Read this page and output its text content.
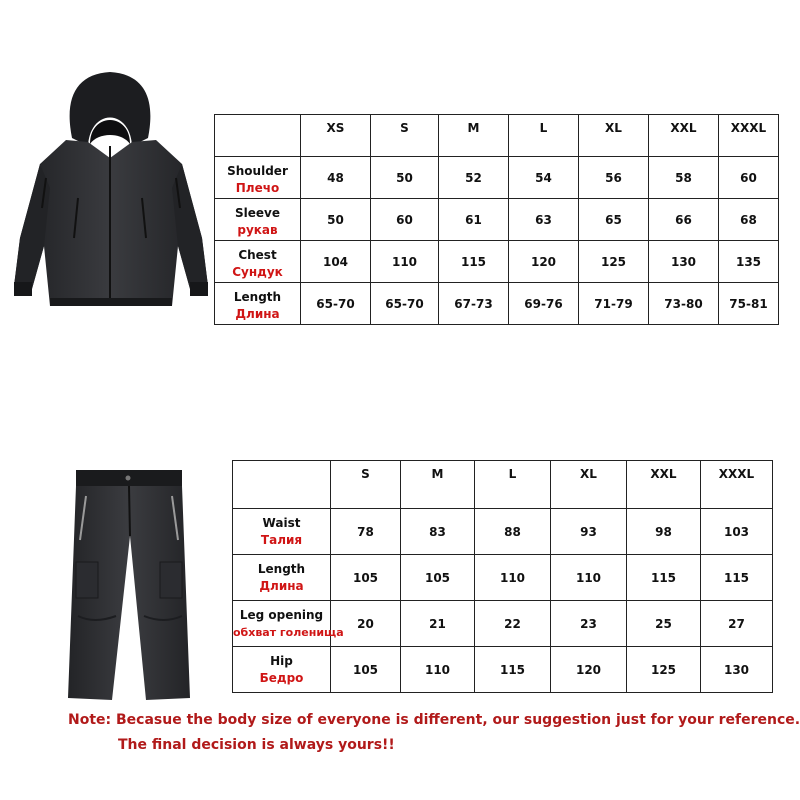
	XS	S	M	L	XL	XXL	XXXL

Shoulder
Плечо	48	50	52	54	56	58	60

Sleeve
рукав	50	60	61	63	65	66	68

Chest
Сундук	104	110	115	120	125	130	135

Length
Длина	65-70	65-70	67-73	69-76	71-79	73-80	75-81
	S	M	L	XL	XXL	XXXL

Waist
Талия	78	83	88	93	98	103

Length
Длина	105	105	110	110	115	115

Leg opening
обхват голенища	20	21	22	23	25	27

Hip
Бедро	105	110	115	120	125	130
Note: Becasue the body size of everyone is different, our suggestion just for your reference.
The final decision is always yours!!
